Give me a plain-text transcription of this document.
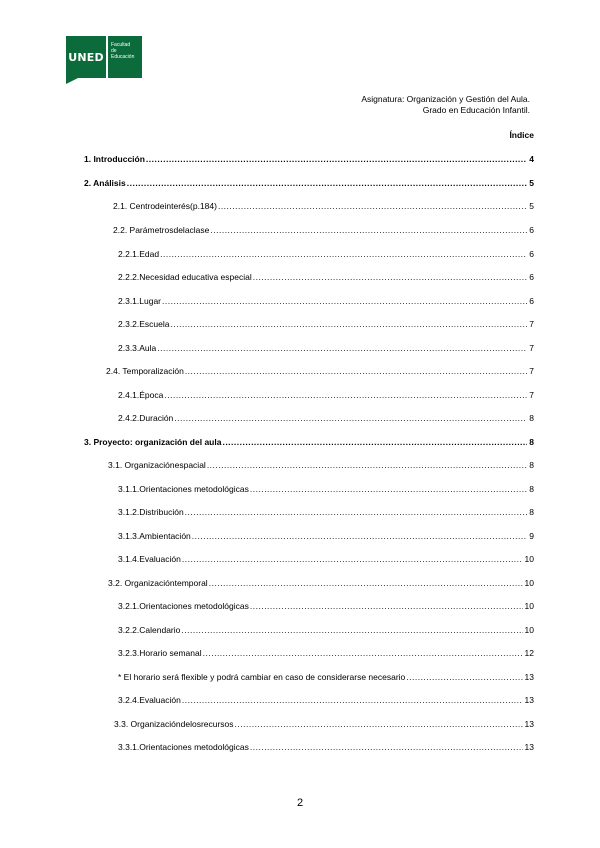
UNED
Facultad
de Educación
Asignatura: Organización y Gestión del Aula.
Grado en Educación Infantil.
Índice
1. Introducción .....	4
2. Análisis .....	5
2.1. Centrodeinterés(p.184) .....	5
2.2. Parámetrosdelaclase .....	6
2.2.1.Edad .....	6
2.2.2.Necesidad educativa especial .....	6
2.3.1.Lugar .....	6
2.3.2.Escuela .....	7
2.3.3.Aula .....	7
2.4. Temporalización .....	7
2.4.1.Época .....	7
2.4.2.Duración .....	8
3. Proyecto: organización del aula .....	8
3.1. Organizaciónespacial .....	8
3.1.1.Orientaciones metodológicas .....	8
3.1.2.Distribución .....	8
3.1.3.Ambientación .....	9
3.1.4.Evaluación .....	10
3.2. Organizacióntemporal .....	10
3.2.1.Orientaciones metodológicas .....	10
3.2.2.Calendario .....	10
3.2.3.Horario semanal .....	12
* El horario será flexible y podrá cambiar en caso de considerarse necesario .....	13
3.2.4.Evaluación .....	13
3.3. Organizacióndelosrecursos .....	13
3.3.1.Orientaciones metodológicas .....	13
2
